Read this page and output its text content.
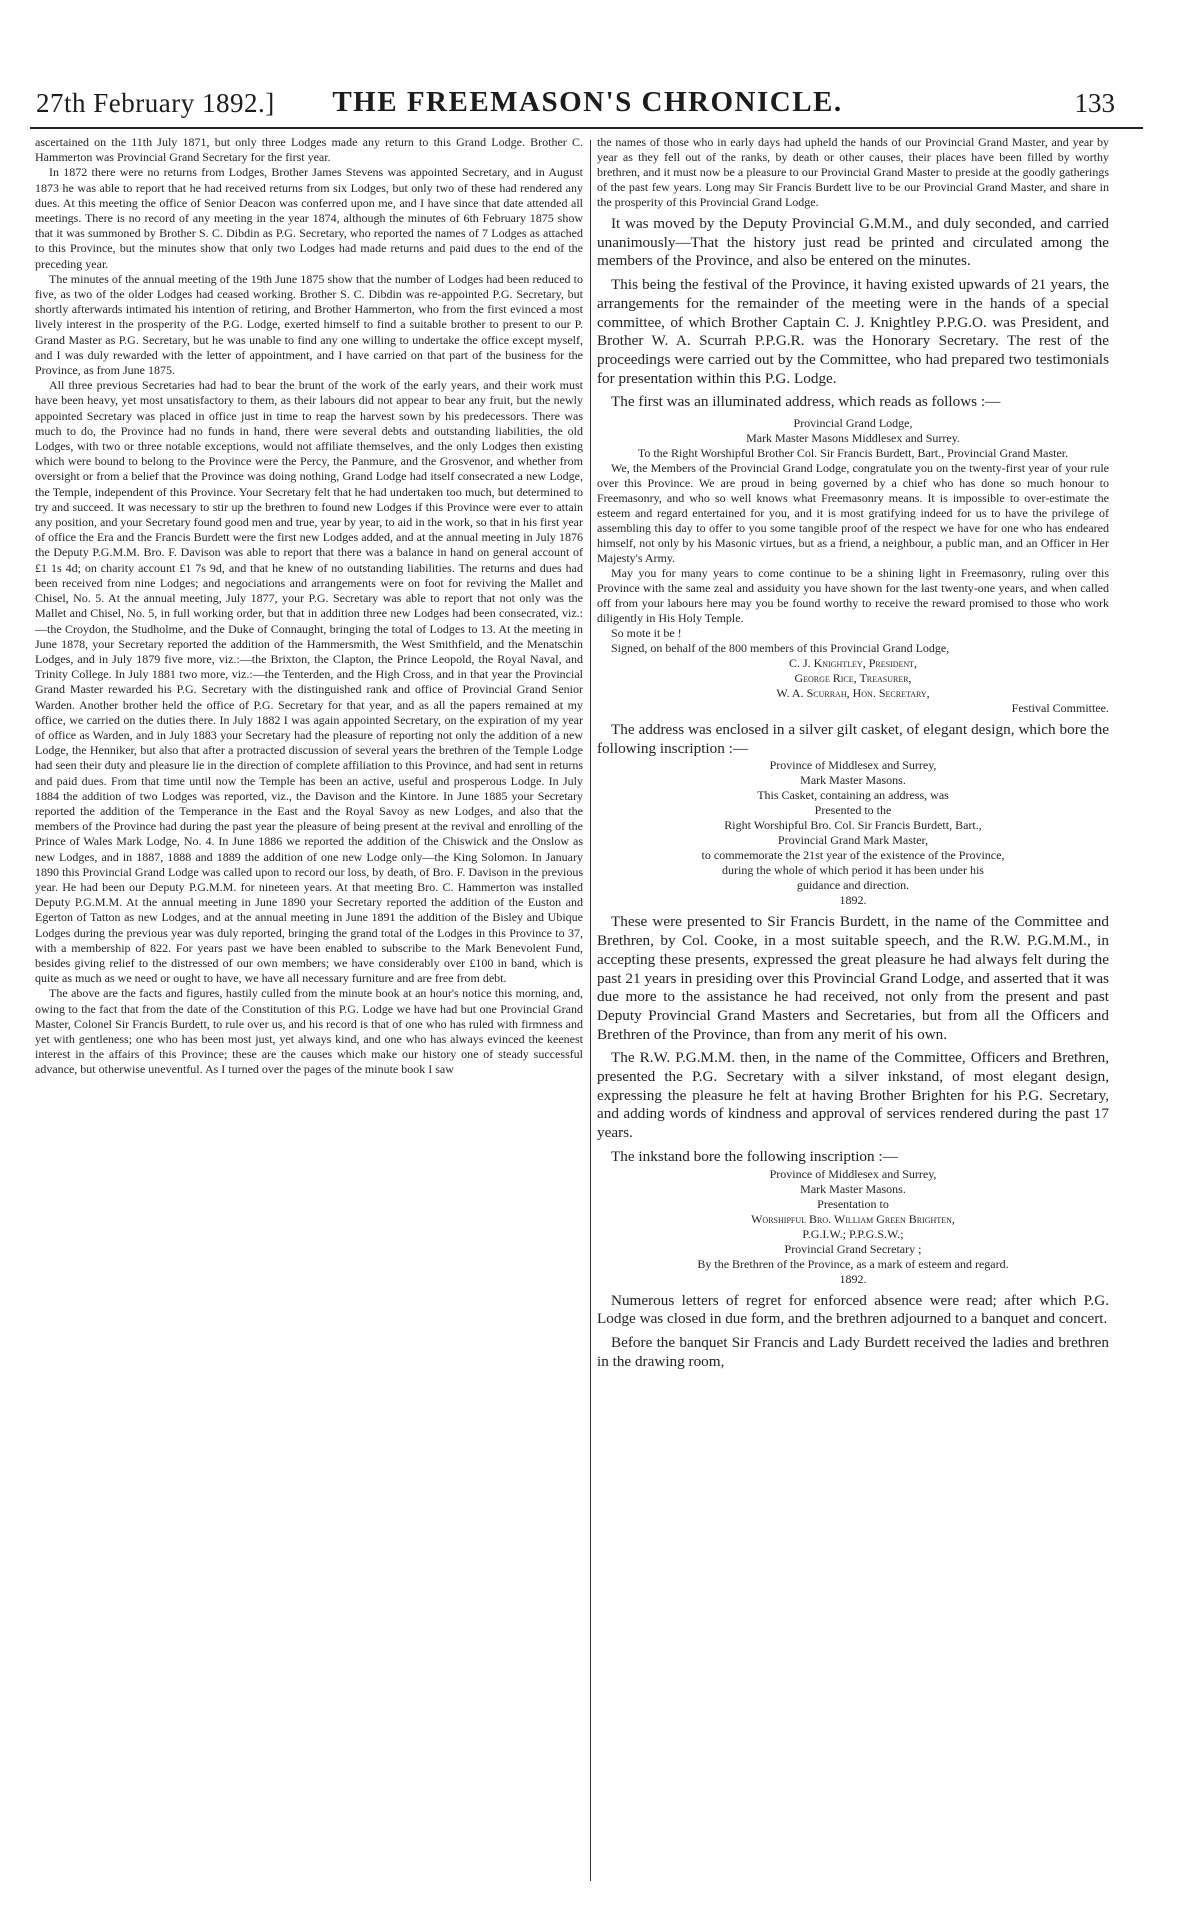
27th February 1892.]	THE FREEMASON'S CHRONICLE.	133

ascertained on the 11th July 1871, but only three Lodges made any return to this Grand Lodge. Brother C. Hammerton was Provincial Grand Secretary for the first year.

In 1872 there were no returns from Lodges, Brother James Stevens was appointed Secretary, and in August 1873 he was able to report that he had received returns from six Lodges, but only two of these had rendered any dues. At this meeting the office of Senior Deacon was conferred upon me, and I have since that date attended all meetings. There is no record of any meeting in the year 1874, although the minutes of 6th February 1875 show that it was summoned by Brother S. C. Dibdin as P.G. Secretary, who reported the names of 7 Lodges as attached to this Province, but the minutes show that only two Lodges had made returns and paid dues to the end of the preceding year.

The minutes of the annual meeting of the 19th June 1875 show that the number of Lodges had been reduced to five, as two of the older Lodges had ceased working. Brother S. C. Dibdin was re-appointed P.G. Secretary, but shortly afterwards intimated his intention of retiring, and Brother Hammerton, who from the first evinced a most lively interest in the prosperity of the P.G. Lodge, exerted himself to find a suitable brother to present to our P. Grand Master as P.G. Secretary, but he was unable to find any one willing to undertake the office except myself, and I was duly rewarded with the letter of appointment, and I have carried on that part of the business for the Province, as from June 1875.

All three previous Secretaries had had to bear the brunt of the work of the early years, and their work must have been heavy, yet most unsatisfactory to them, as their labours did not appear to bear any fruit, but the newly appointed Secretary was placed in office just in time to reap the harvest sown by his predecessors. There was much to do, the Province had no funds in hand, there were several debts and outstanding liabilities, the old Lodges, with two or three notable exceptions, would not affiliate themselves, and the only Lodges then existing which were bound to belong to the Province were the Percy, the Panmure, and the Grosvenor, and whether from oversight or from a belief that the Province was doing nothing, Grand Lodge had itself consecrated a new Lodge, the Temple, independent of this Province. Your Secretary felt that he had undertaken too much, but determined to try and succeed. It was necessary to stir up the brethren to found new Lodges if this Province were ever to attain any position, and your Secretary found good men and true, year by year, to aid in the work, so that in his first year of office the Era and the Francis Burdett were the first new Lodges added, and at the annual meeting in July 1876 the Deputy P.G.M.M. Bro. F. Davison was able to report that there was a balance in hand on general account of £1 1s 4d; on charity account £1 7s 9d, and that he knew of no outstanding liabilities. The returns and dues had been received from nine Lodges; and negociations and arrangements were on foot for reviving the Mallet and Chisel, No. 5. At the annual meeting, July 1877, your P.G. Secretary was able to report that not only was the Mallet and Chisel, No. 5, in full working order, but that in addition three new Lodges had been consecrated, viz.:—the Croydon, the Studholme, and the Duke of Connaught, bringing the total of Lodges to 13. At the meeting in June 1878, your Secretary reported the addition of the Hammersmith, the West Smithfield, and the Menatschin Lodges, and in July 1879 five more, viz.:—the Brixton, the Clapton, the Prince Leopold, the Royal Naval, and Trinity College. In July 1881 two more, viz.:—the Tenterden, and the High Cross, and in that year the Provincial Grand Master rewarded his P.G. Secretary with the distinguished rank and office of Provincial Grand Senior Warden. Another brother held the office of P.G. Secretary for that year, and as all the papers remained at my office, we carried on the duties there. In July 1882 I was again appointed Secretary, on the expiration of my year of office as Warden, and in July 1883 your Secretary had the pleasure of reporting not only the addition of a new Lodge, the Henniker, but also that after a protracted discussion of several years the brethren of the Temple Lodge had seen their duty and pleasure lie in the direction of complete affiliation to this Province, and had sent in returns and paid dues. From that time until now the Temple has been an active, useful and prosperous Lodge. In July 1884 the addition of two Lodges was reported, viz., the Davison and the Kintore. In June 1885 your Secretary reported the addition of the Temperance in the East and the Royal Savoy as new Lodges, and also that the members of the Province had during the past year the pleasure of being present at the revival and enrolling of the Prince of Wales Mark Lodge, No. 4. In June 1886 we reported the addition of the Chiswick and the Onslow as new Lodges, and in 1887, 1888 and 1889 the addition of one new Lodge only—the King Solomon. In January 1890 this Provincial Grand Lodge was called upon to record our loss, by death, of Bro. F. Davison in the previous year. He had been our Deputy P.G.M.M. for nineteen years. At that meeting Bro. C. Hammerton was installed Deputy P.G.M.M. At the annual meeting in June 1890 your Secretary reported the addition of the Euston and Egerton of Tatton as new Lodges, and at the annual meeting in June 1891 the addition of the Bisley and Ubique Lodges during the previous year was duly reported, bringing the grand total of the Lodges in this Province to 37, with a membership of 822. For years past we have been enabled to subscribe to the Mark Benevolent Fund, besides giving relief to the distressed of our own members; we have considerably over £100 in band, which is quite as much as we need or ought to have, we have all necessary furniture and are free from debt.

The above are the facts and figures, hastily culled from the minute book at an hour's notice this morning, and, owing to the fact that from the date of the Constitution of this P.G. Lodge we have had but one Provincial Grand Master, Colonel Sir Francis Burdett, to rule over us, and his record is that of one who has ruled with firmness and yet with gentleness; one who has been most just, yet always kind, and one who has always evinced the keenest interest in the affairs of this Province; these are the causes which make our history one of steady successful advance, but otherwise uneventful. As I turned over the pages of the minute book I saw

the names of those who in early days had upheld the hands of our Provincial Grand Master, and year by year as they fell out of the ranks, by death or other causes, their places have been filled by worthy brethren, and it must now be a pleasure to our Provincial Grand Master to preside at the goodly gatherings of the past few years. Long may Sir Francis Burdett live to be our Provincial Grand Master, and share in the prosperity of this Provincial Grand Lodge.

It was moved by the Deputy Provincial G.M.M., and duly seconded, and carried unanimously—That the history just read be printed and circulated among the members of the Province, and also be entered on the minutes.

This being the festival of the Province, it having existed upwards of 21 years, the arrangements for the remainder of the meeting were in the hands of a special committee, of which Brother Captain C. J. Knightley P.P.G.O. was President, and Brother W. A. Scurrah P.P.G.R. was the Honorary Secretary. The rest of the proceedings were carried out by the Committee, who had prepared two testimonials for presentation within this P.G. Lodge.

The first was an illuminated address, which reads as follows :—

Provincial Grand Lodge,

Mark Master Masons Middlesex and Surrey.

To the Right Worshipful Brother Col. Sir Francis Burdett, Bart., Provincial Grand Master.

We, the Members of the Provincial Grand Lodge, congratulate you on the twenty-first year of your rule over this Province. We are proud in being governed by a chief who has done so much honour to Freemasonry, and who so well knows what Freemasonry means. It is impossible to over-estimate the esteem and regard entertained for you, and it is most gratifying indeed for us to have the privilege of assembling this day to offer to you some tangible proof of the respect we have for one who has endeared himself, not only by his Masonic virtues, but as a friend, a neighbour, a public man, and an Officer in Her Majesty's Army.

May you for many years to come continue to be a shining light in Freemasonry, ruling over this Province with the same zeal and assiduity you have shown for the last twenty-one years, and when called off from your labours here may you be found worthy to receive the reward promised to those who work diligently in His Holy Temple.

So mote it be !

Signed, on behalf of the 800 members of this Provincial Grand Lodge,

C. J. Knightley, President,

George Rice, Treasurer,

W. A. Scurrah, Hon. Secretary,

Festival Committee.

The address was enclosed in a silver gilt casket, of elegant design, which bore the following inscription :—

Province of Middlesex and Surrey,

Mark Master Masons.

This Casket, containing an address, was

Presented to the

Right Worshipful Bro. Col. Sir Francis Burdett, Bart.,

Provincial Grand Mark Master,

to commemorate the 21st year of the existence of the Province,

during the whole of which period it has been under his

guidance and direction.

1892.

These were presented to Sir Francis Burdett, in the name of the Committee and Brethren, by Col. Cooke, in a most suitable speech, and the R.W. P.G.M.M., in accepting these presents, expressed the great pleasure he had always felt during the past 21 years in presiding over this Provincial Grand Lodge, and asserted that it was due more to the assistance he had received, not only from the present and past Deputy Provincial Grand Masters and Secretaries, but from all the Officers and Brethren of the Province, than from any merit of his own.

The R.W. P.G.M.M. then, in the name of the Committee, Officers and Brethren, presented the P.G. Secretary with a silver inkstand, of most elegant design, expressing the pleasure he felt at having Brother Brighten for his P.G. Secretary, and adding words of kindness and approval of services rendered during the past 17 years.

The inkstand bore the following inscription :—

Province of Middlesex and Surrey,

Mark Master Masons.

Presentation to

Worshipful Bro. William Green Brighten,

P.G.I.W.; P.P.G.S.W.;

Provincial Grand Secretary ;

By the Brethren of the Province, as a mark of esteem and regard.

1892.

Numerous letters of regret for enforced absence were read; after which P.G. Lodge was closed in due form, and the brethren adjourned to a banquet and concert.

Before the banquet Sir Francis and Lady Burdett received the ladies and brethren in the drawing room,
